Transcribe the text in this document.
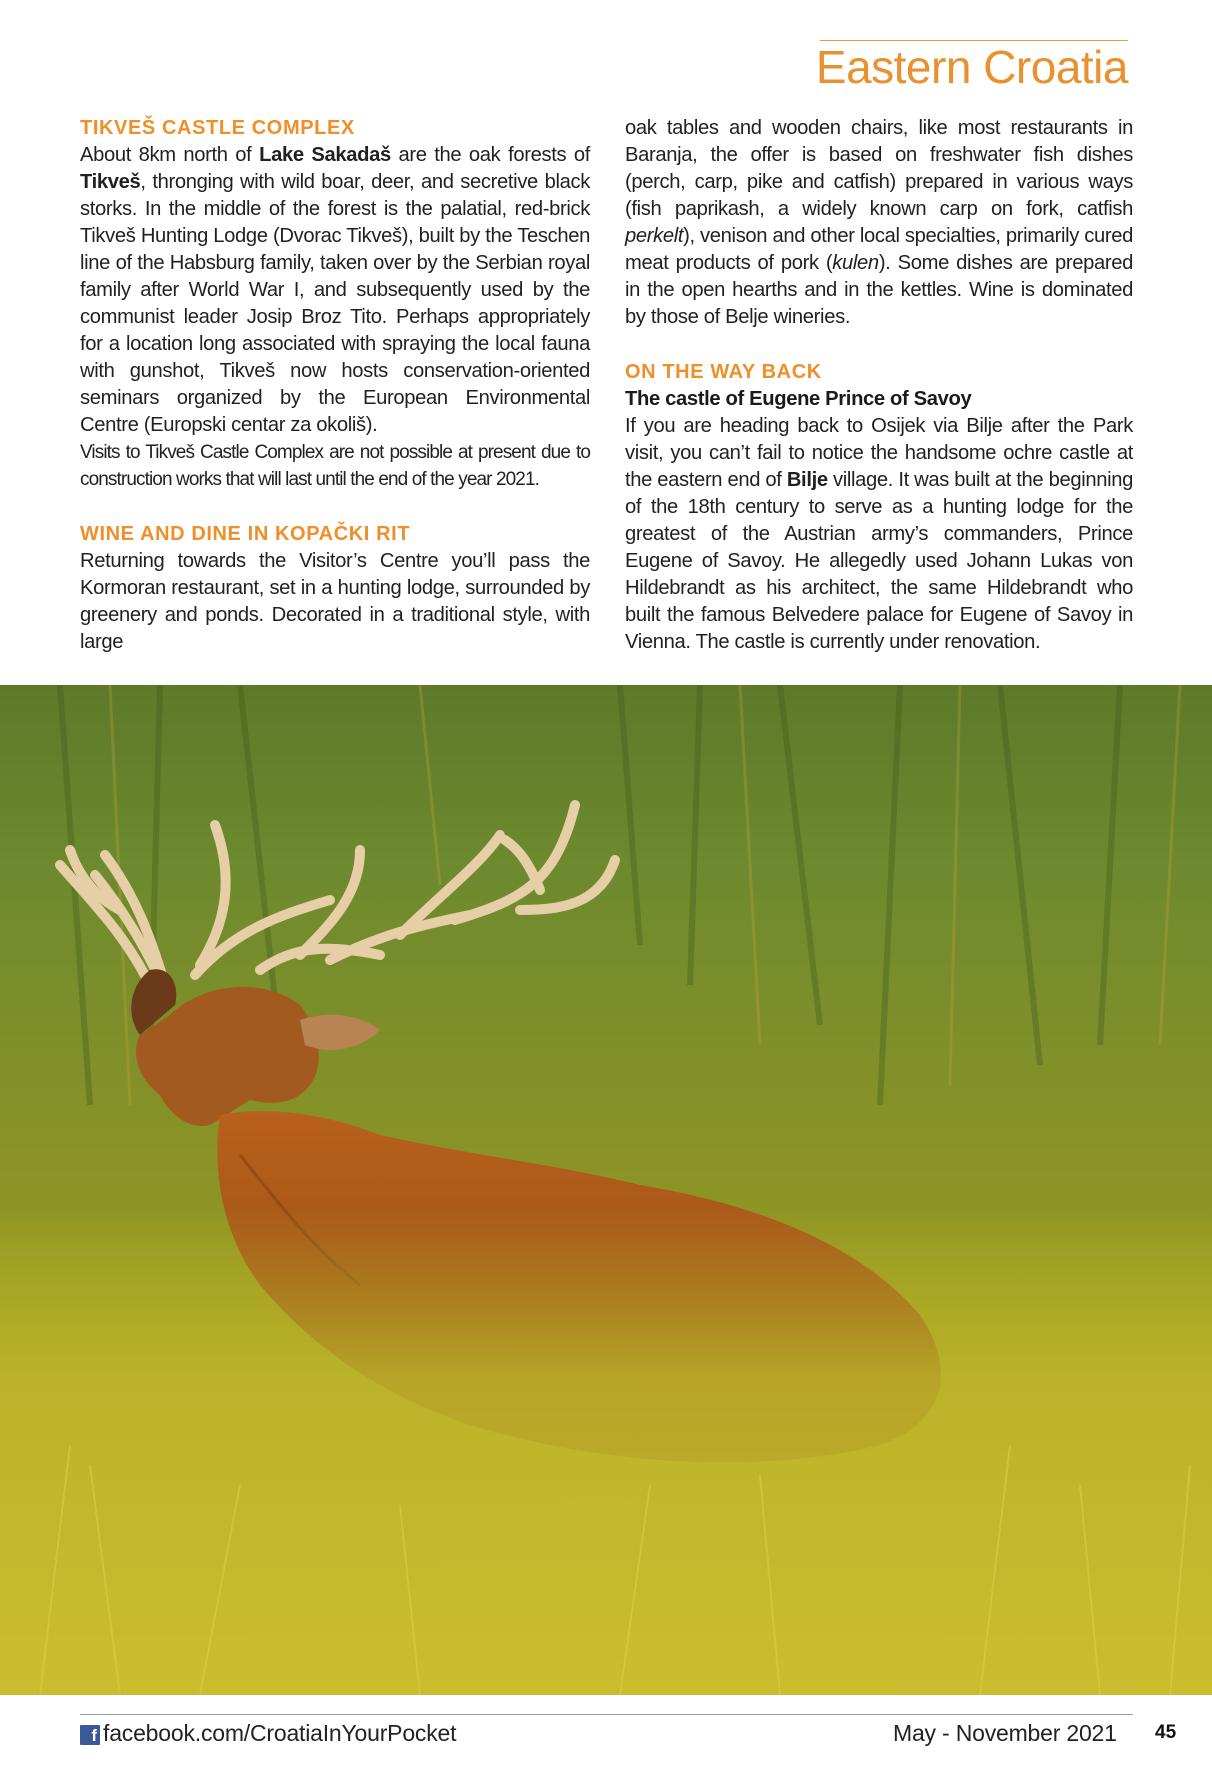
Eastern Croatia
TIKVEŠ CASTLE COMPLEX

About 8km north of Lake Sakadaš are the oak forests of Tikveš, thronging with wild boar, deer, and secretive black storks. In the middle of the forest is the palatial, red-brick Tikveš Hunting Lodge (Dvorac Tikveš), built by the Teschen line of the Habsburg family, taken over by the Serbian royal family after World War I, and subsequently used by the communist leader Josip Broz Tito. Perhaps appropriately for a location long associated with spraying the local fauna with gunshot, Tikveš now hosts conservation-oriented seminars organized by the European Environmental Centre (Europski centar za okoliš).

Visits to Tikveš Castle Complex are not possible at present due to construction works that will last until the end of the year 2021.

WINE AND DINE IN KOPAČKI RIT

Returning towards the Visitor’s Centre you’ll pass the Kormoran restaurant, set in a hunting lodge, surrounded by greenery and ponds. Decorated in a traditional style, with large

oak tables and wooden chairs, like most restaurants in Baranja, the offer is based on freshwater fish dishes (perch, carp, pike and catfish) prepared in various ways (fish paprikash, a widely known carp on fork, catfish perkelt), venison and other local specialties, primarily cured meat products of pork (kulen). Some dishes are prepared in the open hearths and in the kettles. Wine is dominated by those of Belje wineries.

ON THE WAY BACK

The castle of Eugene Prince of Savoy

If you are heading back to Osijek via Bilje after the Park visit, you can’t fail to notice the handsome ochre castle at the eastern end of Bilje village. It was built at the beginning of the 18th century to serve as a hunting lodge for the greatest of the Austrian army’s commanders, Prince Eugene of Savoy. He allegedly used Johann Lukas von Hildebrandt as his architect, the same Hildebrandt who built the famous Belvedere palace for Eugene of Savoy in Vienna. The castle is currently under renovation.

f facebook.com/CroatiaInYourPocket	May - November 2021 45
